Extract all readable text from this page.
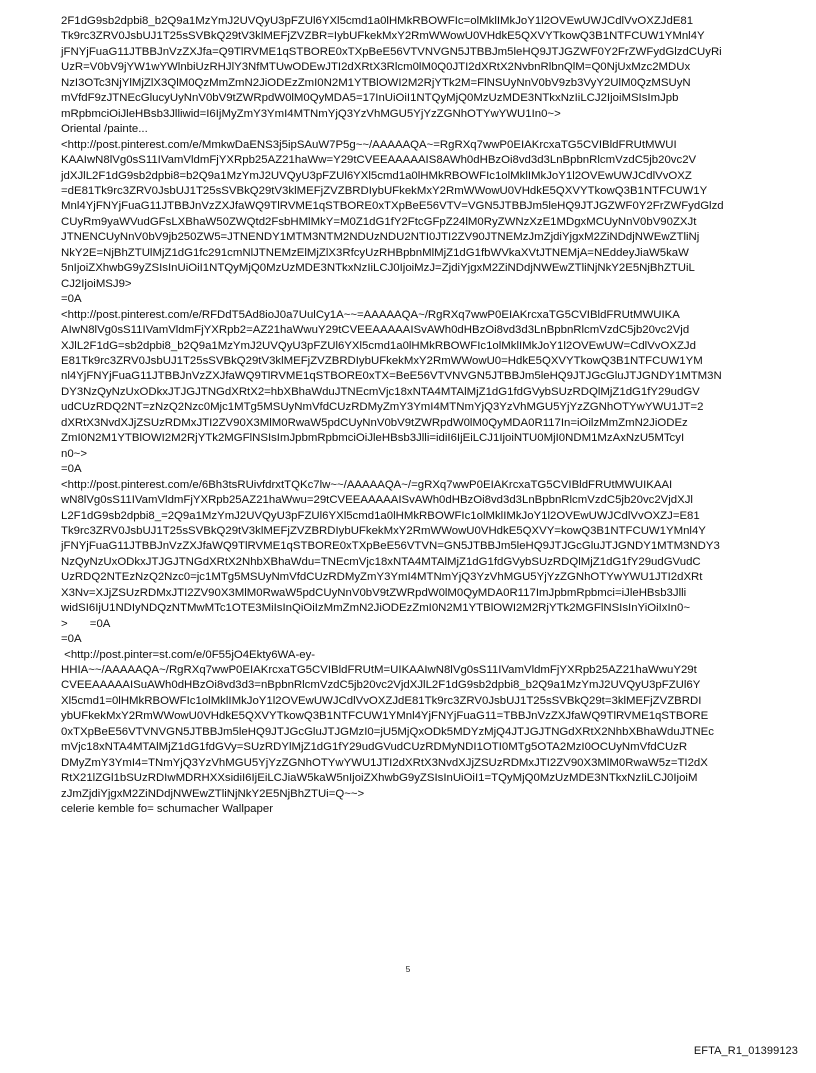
2F1dG9sb2dpbi8_b2Q9a1MzYmJ2UVQyU3pFZUl6YXl5cmd1a0lHMkRBOWFIc=olMklIMkJoY1l2OVEwUWJCdlVvOXZJdE81
Tk9rc3ZRV0JsbUJ1T25sSVBkQ29tV3klMEFjZVZBR=IybUFkekMxY2RmWWowU0VHdkE5QXVYTkowQ3B1NTFCUW1YMnl4Y
jFNYjFuaG11JTBBJnVzZXJfa=Q9TlRVME1qSTBORE0xTXpBeE56VTVNVGN5JTBBJm5leHQ9JTJGZWF0Y2FrZWFydGlzdCUyRi
UzR=V0bV9jYW1wYWlnbiUzRHJlY3NfMTUwODEwJTI2dXRtX3Rlcm0lM0Q0JTI2dXRtX2NvbnRlbnQlM=Q0NjUxMzc2MDUx
NzI3OTc3NjYlMjZlX3QlM0QzMmZmN2JiODEzZmI0N2M1YTBlOWI2M2RjYTk2M=FlNSUyNnV0bV9zb3VyY2UlM0QzMSUyN
mVfdF9zJTNEcGlucyUyNnV0bV9tZWRpdW0lM0QyMDA5=17InUiOiI1NTQyMjQ0MzUzMDE3NTkxNzIiLCJ2IjoiMSIsImJpb
mRpbmciOiJleHBsb3Jlliwid=I6IjMyZmY3YmI4MTNmYjQ3YzVhMGU5YjYzZGNhOTYwYWU1In0~>
Oriental /painte...
<http://post.pinterest.com/e/MmkwDaENS3j5ipSAuW7P5g~~/AAAAAQA~=RgRXq7wwP0EIAKrcxaTG5CVIBldFRUtMWUI
KAAIwN8lVg0sS11IVamVldmFjYXRpb25AZ21haWw=Y29tCVEEAAAAAIS8AWh0dHBzOi8vd3d3LnBpbnRlcmVzdC5jb20vc2V
jdXJlL2F1dG9sb2dpbi8=b2Q9a1MzYmJ2UVQyU3pFZUl6YXl5cmd1a0lHMkRBOWFIc1olMklIMkJoY1l2OVEwUWJCdlVvOXZ
=dE81Tk9rc3ZRV0JsbUJ1T25sSVBkQ29tV3klMEFjZVZBRDIybUFkekMxY2RmWWowU0VHdkE5QXVYTkowQ3B1NTFCUW1Y
Mnl4YjFNYjFuaG11JTBBJnVzZXJfaWQ9TlRVME1qSTBORE0xTXpBeE56VTV=VGN5JTBBJm5leHQ9JTJGZWF0Y2FrZWFydGlzd
CUyRm9yaWVudGFsLXBhaW50ZWQtd2FsbHMlMkY=M0Z1dG1fY2FtcGFpZ24lM0RyZWNzXzE1MDgxMCUyNnV0bV90ZXJt
JTNENCUyNnV0bV9jb250ZW5=JTNENDY1MTM3NTM2NDUzNDU2NTI0JTI2ZV90JTNEMzJmZjdiYjgxM2ZiNDdjNWEwZTliNj
NkY2E=NjBhZTUlMjZ1dG1fc291cmNlJTNEMzElMjZlX3RfcyUzRHBpbnMlMjZ1dG1fbWVkaXVtJTNEMjA=NEddeyJiaW5kaW
5nIjoiZXhwbG9yZSIsInUiOiI1NTQyMjQ0MzUzMDE3NTkxNzIiLCJ0IjoiMzJ=ZjdiYjgxM2ZiNDdjNWEwZTliNjNkY2E5NjBhZTUiL
CJ2IjoiMSJ9>
=0A
<http://post.pinterest.com/e/RFDdT5Ad8ioJ0a7UulCy1A~~=AAAAAQA~/RgRXq7wwP0EIAKrcxaTG5CVIBldFRUtMWUIKA
AIwN8lVg0sS11IVamVldmFjYXRpb2=AZ21haWwuY29tCVEEAAAAAISvAWh0dHBzOi8vd3d3LnBpbnRlcmVzdC5jb20vc2Vjd
XJlL2F1dG=sb2dpbi8_b2Q9a1MzYmJ2UVQyU3pFZUl6YXl5cmd1a0lHMkRBOWFIc1olMklIMkJoY1l2OVEwUW=CdlVvOXZJd
E81Tk9rc3ZRV0JsbUJ1T25sSVBkQ29tV3klMEFjZVZBRDIybUFkekMxY2RmWWowU0=HdkE5QXVYTkowQ3B1NTFCUW1YM
nl4YjFNYjFuaG11JTBBJnVzZXJfaWQ9TlRVME1qSTBORE0xTX=BeE56VTVNVGN5JTBBJm5leHQ9JTJGcGluJTJGNDY1MTM3N
DY3NzQyNzUxODkxJTJGJTNGdXRtX2=hbXBhaWduJTNEcmVjc18xNTA4MTAlMjZ1dG1fdGVybSUzRDQlMjZ1dG1fY29udGV
udCUzRDQ2NT=zNzQ2Nzc0Mjc1MTg5MSUyNmVfdCUzRDMyZmY3YmI4MTNmYjQ3YzVhMGU5YjYzZGNhOTYwYWU1JT=2
dXRtX3NvdXJjZSUzRDMxJTI2ZV90X3MlM0RwaW5pdCUyNnV0bV9tZWRpdW0lM0QyMDA0R117In=iOilzMmZmN2JiODEz
ZmI0N2M1YTBlOWI2M2RjYTk2MGFlNSIsImJpbmRpbmciOiJleHBsb3Jlli=idiI6IjEiLCJ1IjoiNTU0MjI0NDM1MzAxNzU5MTcyI
n0~>
=0A
<http://post.pinterest.com/e/6Bh3tsRUivfdrxtTQKc7lw~~/AAAAAQA~/=gRXq7wwP0EIAKrcxaTG5CVIBldFRUtMWUIKAAI
wN8lVg0sS11IVamVldmFjYXRpb25AZ21haWwu=29tCVEEAAAAAISvAWh0dHBzOi8vd3d3LnBpbnRlcmVzdC5jb20vc2VjdXJl
L2F1dG9sb2dpbi8_=2Q9a1MzYmJ2UVQyU3pFZUl6YXl5cmd1a0lHMkRBOWFIc1olMklIMkJoY1l2OVEwUWJCdlVvOXZJ=E81
Tk9rc3ZRV0JsbUJ1T25sSVBkQ29tV3klMEFjZVZBRDIybUFkekMxY2RmWWowU0VHdkE5QXVY=kowQ3B1NTFCUW1YMnl4Y
jFNYjFuaG11JTBBJnVzZXJfaWQ9TlRVME1qSTBORE0xTXpBeE56VTVN=GN5JTBBJm5leHQ9JTJGcGluJTJGNDY1MTM3NDY3
NzQyNzUxODkxJTJGJTNGdXRtX2NhbXBhaWdu=TNEcmVjc18xNTA4MTAlMjZ1dG1fdGVybSUzRDQlMjZ1dG1fY29udGVudC
UzRDQ2NTEzNzQ2Nzc0=jc1MTg5MSUyNmVfdCUzRDMyZmY3YmI4MTNmYjQ3YzVhMGU5YjYzZGNhOTYwYWU1JTI2dXRt
X3Nv=XJjZSUzRDMxJTI2ZV90X3MlM0RwaW5pdCUyNnV0bV9tZWRpdW0lM0QyMDA0R117ImJpbmRpbmci=iJleHBsb3Jlli
widSI6IjU1NDIyNDQzNTMwMTc1OTE3MiIsInQiOiIzMmZmN2JiODEzZmI0N2M1YTBlOWI2M2RjYTk2MGFlNSIsInYiOiIxIn0~
>       =0A
=0A
<http://post.pinter=st.com/e/0F55jO4Ekty6WA-ey-
HHIA~~/AAAAAQA~/RgRXq7wwP0EIAKrcxaTG5CVIBldFRUtM=UIKAAIwN8lVg0sS11IVamVldmFjYXRpb25AZ21haWwuY29t
CVEEAAAAAISuAWh0dHBzOi8vd3d3=nBpbnRlcmVzdC5jb20vc2VjdXJlL2F1dG9sb2dpbi8_b2Q9a1MzYmJ2UVQyU3pFZUl6Y
Xl5cmd1=0lHMkRBOWFIc1olMklIMkJoY1l2OVEwUWJCdlVvOXZJdE81Tk9rc3ZRV0JsbUJ1T25sSVBkQ29t=3klMEFjZVZBRDI
ybUFkekMxY2RmWWowU0VHdkE5QXVYTkowQ3B1NTFCUW1YMnl4YjFNYjFuaG11=TBBJnVzZXJfaWQ9TlRVME1qSTBORE
0xTXpBeE56VTVNVGN5JTBBJm5leHQ9JTJGcGluJTJGMzI0=jU5MjQxODk5MDYzMjQ4JTJGJTNGdXRtX2NhbXBhaWduJTNEc
mVjc18xNTA4MTAlMjZ1dG1fdGVy=SUzRDYlMjZ1dG1fY29udGVudCUzRDMyNDI1OTI0MTg5OTA2MzI0OCUyNmVfdCUzR
DMyZmY3YmI4=TNmYjQ3YzVhMGU5YjYzZGNhOTYwYWU1JTI2dXRtX3NvdXJjZSUzRDMxJTI2ZV90X3MlM0RwaW5z=TI2dX
RtX21lZGl1bSUzRDIwMDRHXXsidiI6IjEiLCJiaW5kaW5nIjoiZXhwbG9yZSIsInUiOiI1=TQyMjQ0MzUzMDE3NTkxNzIiLCJ0IjoiM
zJmZjdiYjgxM2ZiNDdjNWEwZTliNjNkY2E5NjBhZTUi=Q~~>
celerie kemble fo= schumacher Wallpaper
5
EFTA_R1_01399123
